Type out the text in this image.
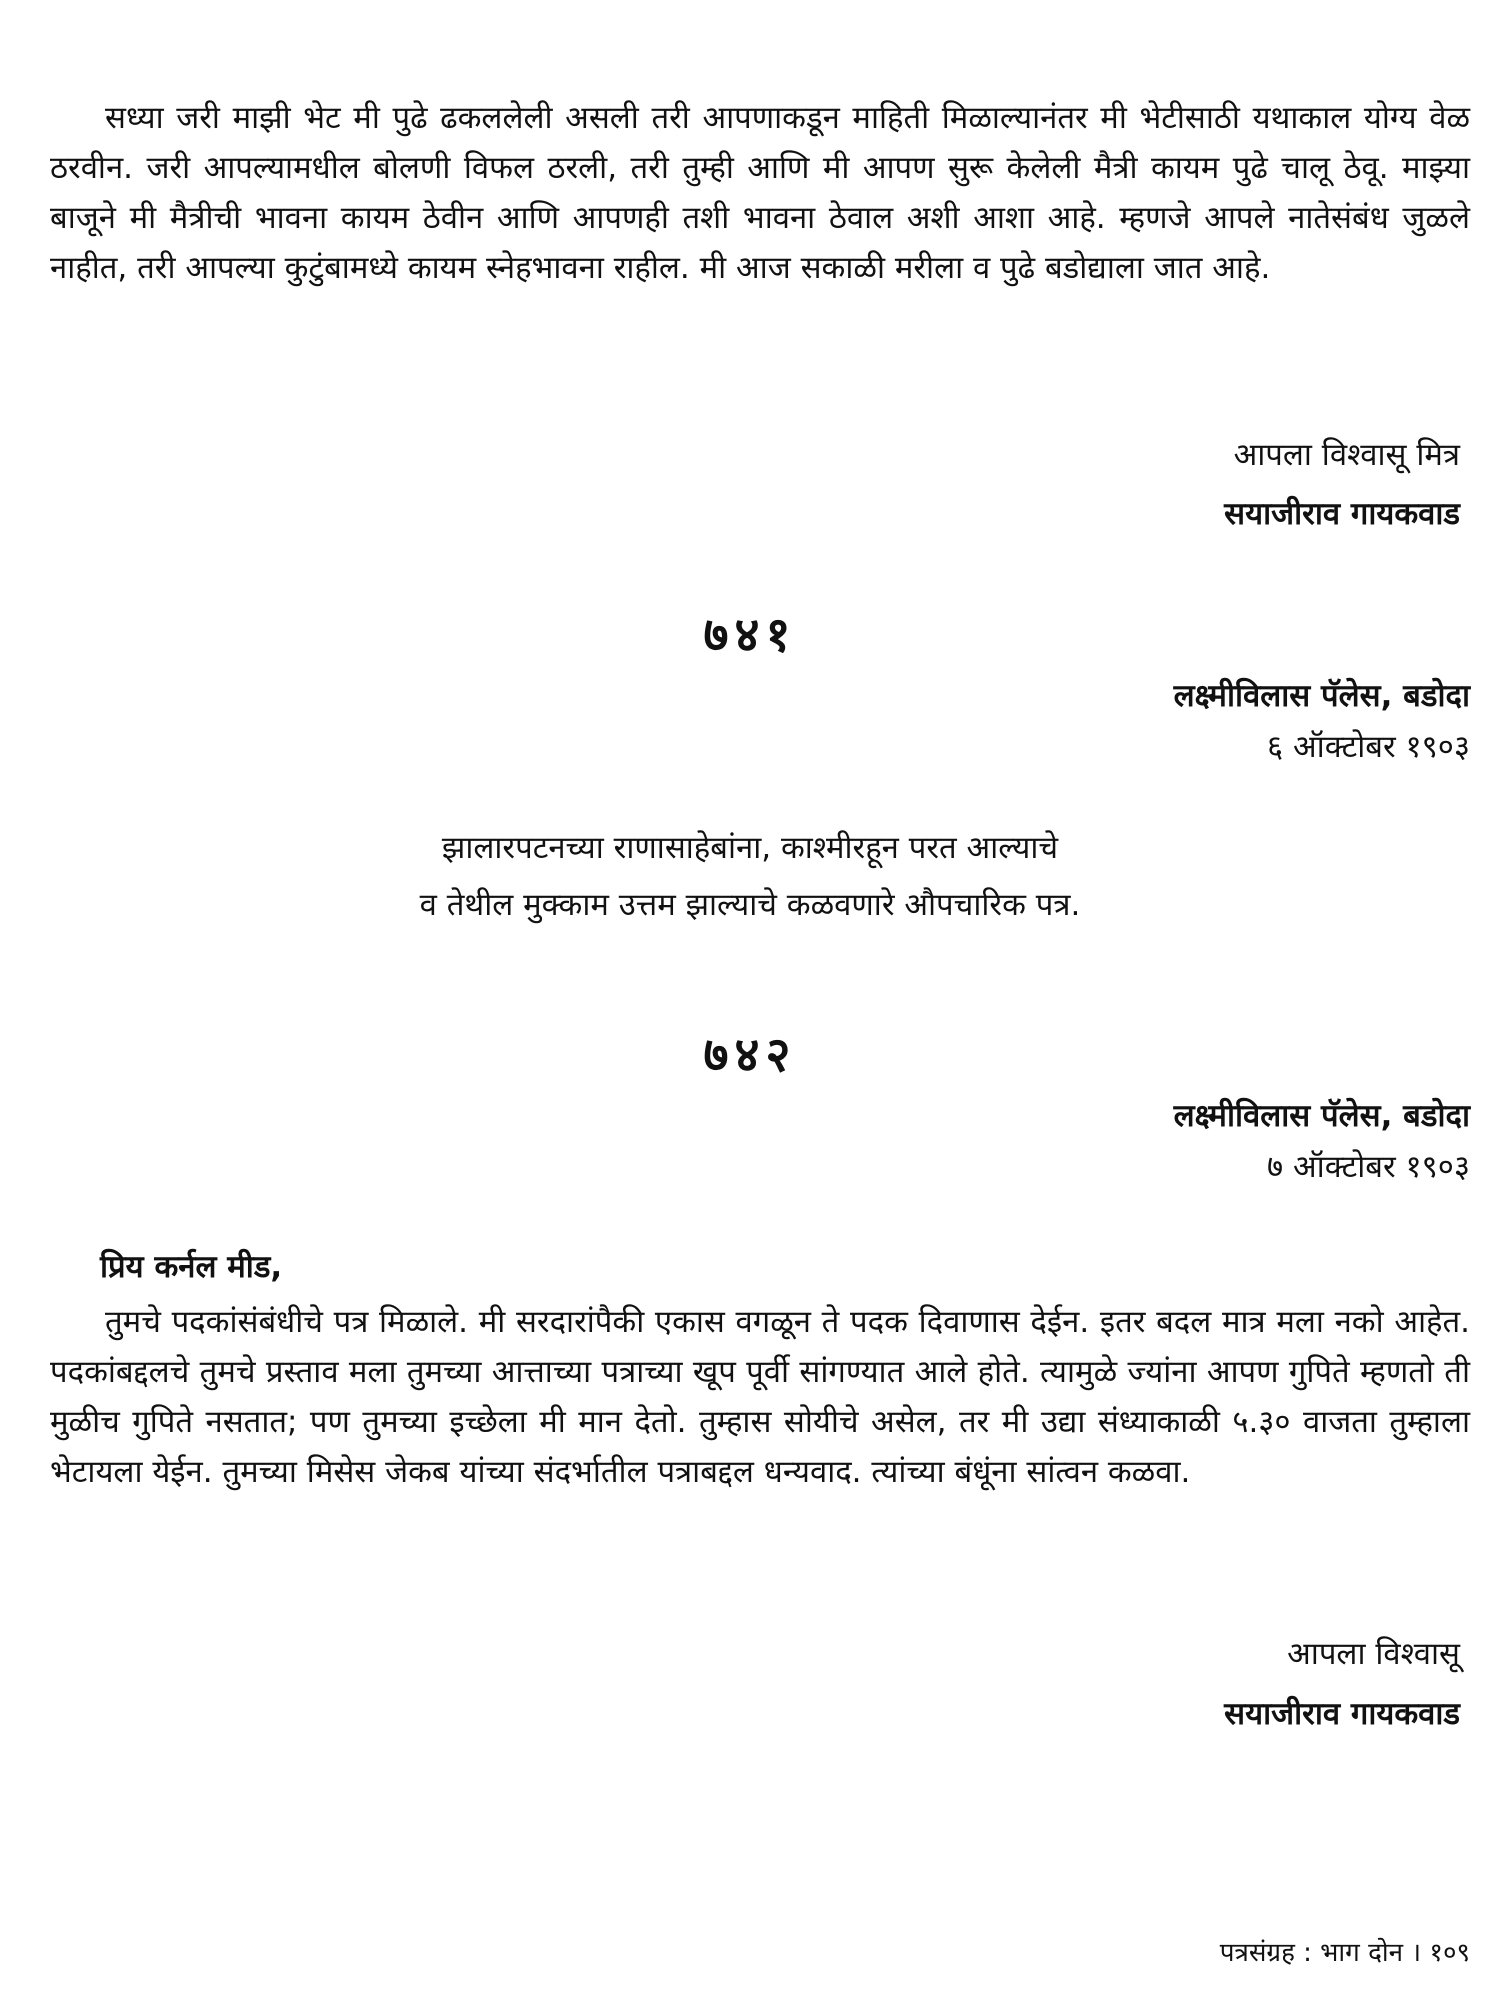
सध्या जरी माझी भेट मी पुढे ढकललेली असली तरी आपणाकडून माहिती मिळाल्यानंतर मी भेटीसाठी यथाकाल योग्य वेळ ठरवीन. जरी आपल्यामधील बोलणी विफल ठरली, तरी तुम्ही आणि मी आपण सुरू केलेली मैत्री कायम पुढे चालू ठेवू. माझ्या बाजूने मी मैत्रीची भावना कायम ठेवीन आणि आपणही तशी भावना ठेवाल अशी आशा आहे. म्हणजे आपले नातेसंबंध जुळले नाहीत, तरी आपल्या कुटुंबामध्ये कायम स्नेहभावना राहील. मी आज सकाळी मरीला व पुढे बडोद्याला जात आहे.

आपला विश्वासू मित्र
सयाजीराव गायकवाड
७४१
लक्ष्मीविलास पॅलेस, बडोदा
६ ऑक्टोबर १९०३
झालारपटनच्या राणासाहेबांना, काश्मीरहून परत आल्याचे
व तेथील मुक्काम उत्तम झाल्याचे कळवणारे औपचारिक पत्र.
७४२
लक्ष्मीविलास पॅलेस, बडोदा
७ ऑक्टोबर १९०३
प्रिय कर्नल मीड,

तुमचे पदकांसंबंधीचे पत्र मिळाले. मी सरदारांपैकी एकास वगळून ते पदक दिवाणास देईन. इतर बदल मात्र मला नको आहेत. पदकांबद्दलचे तुमचे प्रस्ताव मला तुमच्या आत्ताच्या पत्राच्या खूप पूर्वी सांगण्यात आले होते. त्यामुळे ज्यांना आपण गुपिते म्हणतो ती मुळीच गुपिते नसतात; पण तुमच्या इच्छेला मी मान देतो. तुम्हास सोयीचे असेल, तर मी उद्या संध्याकाळी ५.३० वाजता तुम्हाला भेटायला येईन. तुमच्या मिसेस जेकब यांच्या संदर्भातील पत्राबद्दल धन्यवाद. त्यांच्या बंधूंना सांत्वन कळवा.

आपला विश्वासू
सयाजीराव गायकवाड
पत्रसंग्रह : भाग दोन । १०९
